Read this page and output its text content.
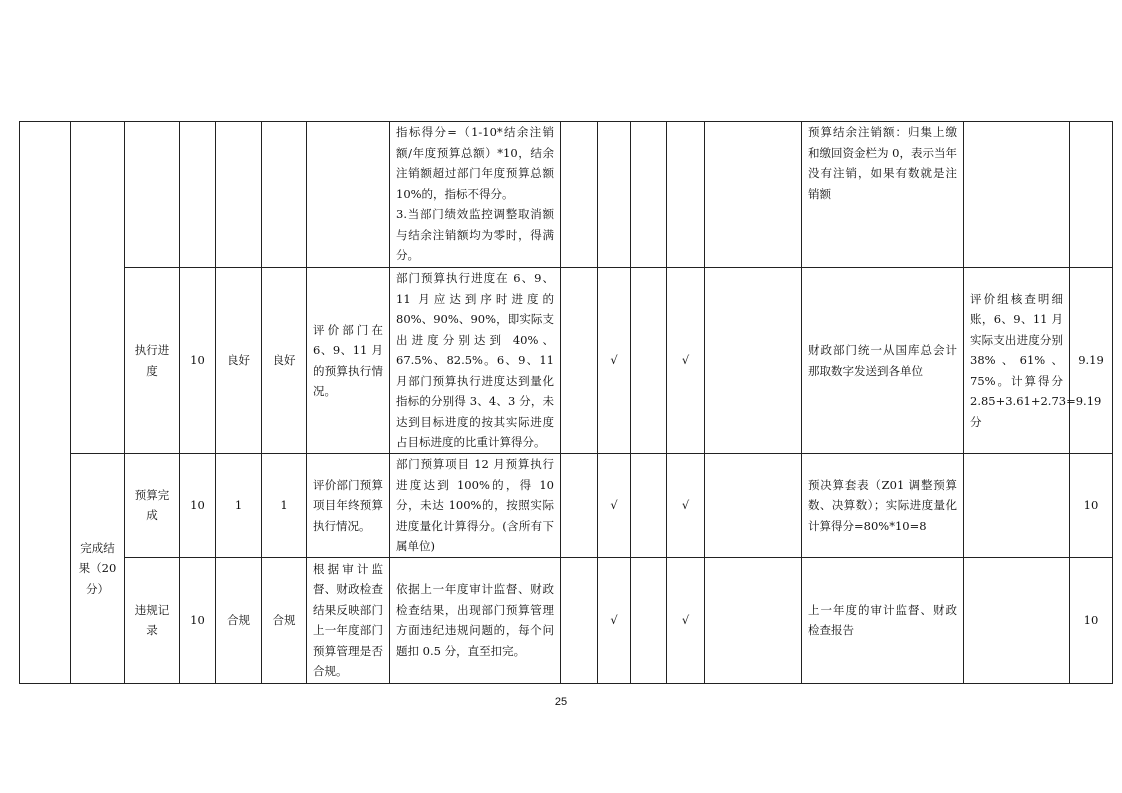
							指标得分=（1-10*结余注销额/年度预算总额）*10，结余注销额超过部门年度预算总额 10%的，指标不得分。
3.当部门绩效监控调整取消额与结余注销额均为零时，得满分。						预算结余注销额：归集上缴和缴回资金栏为 0，表示当年没有注销，如果有数就是注销额		

		执行进度	10	良好	良好	评价部门在 6、9、11 月的预算执行情况。	部门预算执行进度在 6、9、11 月应达到序时进度的 80%、90%、90%，即实际支出进度分别达到 40%、67.5%、82.5%。6、9、11 月部门预算执行进度达到量化指标的分别得 3、4、3 分，未达到目标进度的按其实际进度占目标进度的比重计算得分。		√		√		财政部门统一从国库总会计那取数字发送到各单位	评价组核查明细账，6、9、11 月实际支出进度分别 38%、61%、75%。计算得分 2.85+3.61+2.73=9.19 分	9.19
	完成结果（20 分）	预算完成	10	1	1	评价部门预算项目年终预算执行情况。	部门预算项目 12 月预算执行进度达到 100%的，得 10 分，未达 100%的，按照实际进度量化计算得分。(含所有下属单位)		√		√		预决算套表（Z01 调整预算数、决算数）；实际进度量化计算得分=80%*10=8		10
		违规记录	10	合规	合规	根据审计监督、财政检查结果反映部门上一年度部门预算管理是否合规。	依据上一年度审计监督、财政检查结果，出现部门预算管理方面违纪违规问题的，每个问题扣 0.5 分，直至扣完。		√		√		上一年度的审计监督、财政检查报告		10
25
